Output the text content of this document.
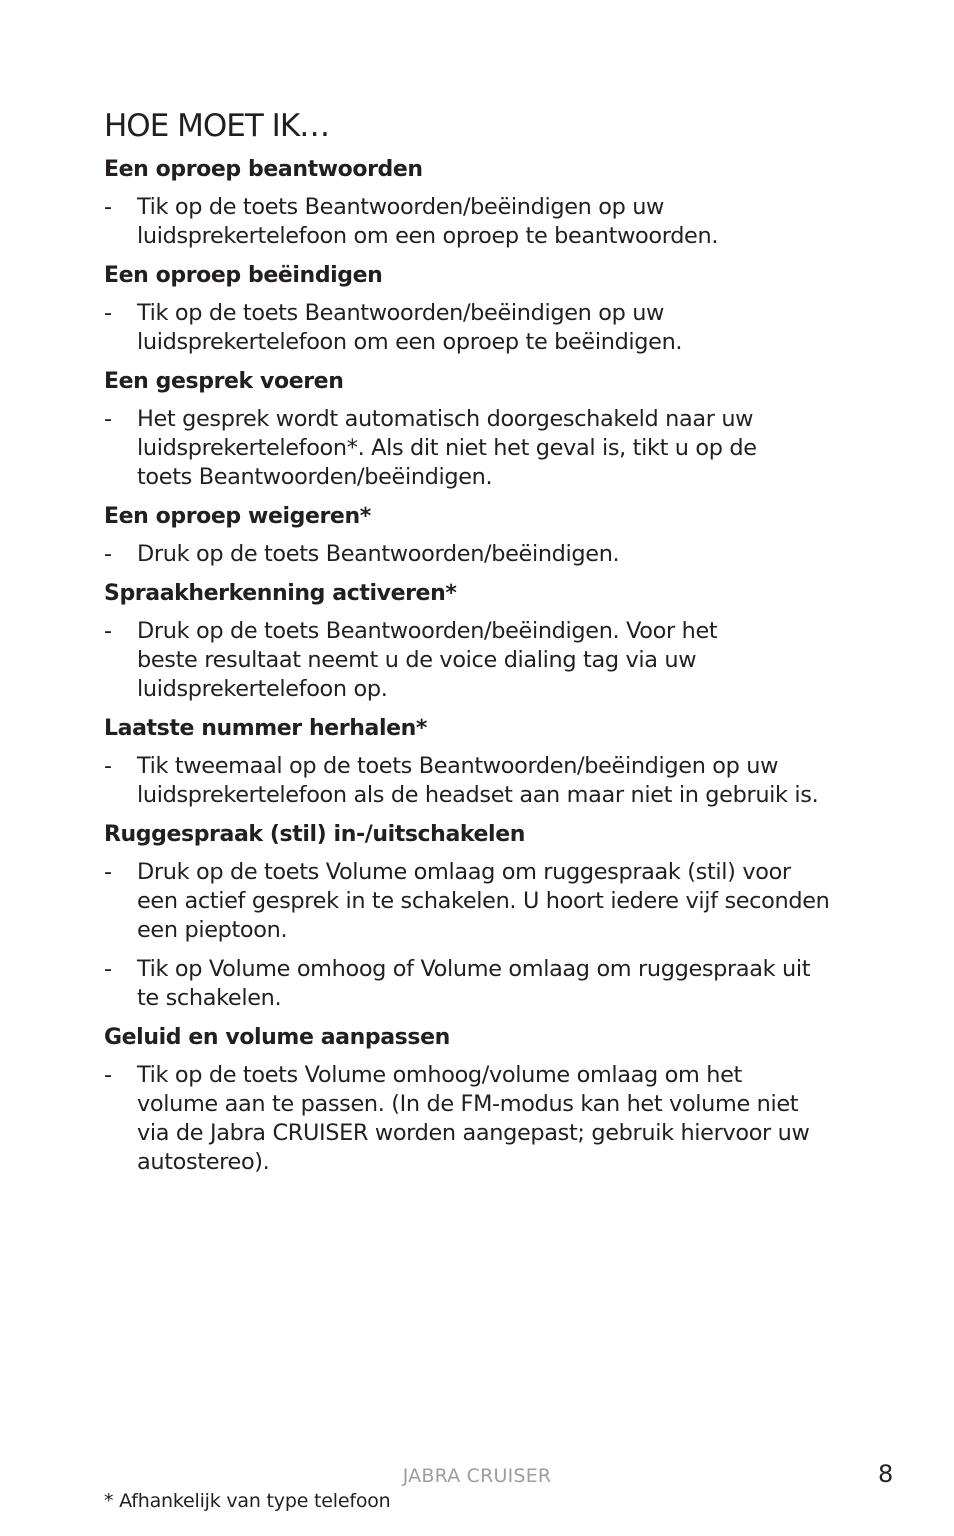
HOE MOET IK…
Een oproep beantwoorden
- Tik op de toets Beantwoorden/beëindigen op uw
luidsprekertelefoon om een oproep te beantwoorden.
Een oproep beëindigen
- Tik op de toets Beantwoorden/beëindigen op uw
luidsprekertelefoon om een oproep te beëindigen.
Een gesprek voeren
- Het gesprek wordt automatisch doorgeschakeld naar uw
luidsprekertelefoon*. Als dit niet het geval is, tikt u op de
toets Beantwoorden/beëindigen.
Een oproep weigeren*
- Druk op de toets Beantwoorden/beëindigen.
Spraakherkenning activeren*
- Druk op de toets Beantwoorden/beëindigen. Voor het
beste resultaat neemt u de voice dialing tag via uw
luidsprekertelefoon op.
Laatste nummer herhalen*
- Tik tweemaal op de toets Beantwoorden/beëindigen op uw
luidsprekertelefoon als de headset aan maar niet in gebruik is.
Ruggespraak (stil) in-/uitschakelen
- Druk op de toets Volume omlaag om ruggespraak (stil) voor
een actief gesprek in te schakelen. U hoort iedere vijf seconden
een pieptoon.
- Tik op Volume omhoog of Volume omlaag om ruggespraak uit
te schakelen.
Geluid en volume aanpassen
- Tik op de toets Volume omhoog/volume omlaag om het
volume aan te passen. (In de FM-modus kan het volume niet
via de Jabra CRUISER worden aangepast; gebruik hiervoor uw
autostereo).
JABRA CRUISER	8
* Afhankelijk van type telefoon
